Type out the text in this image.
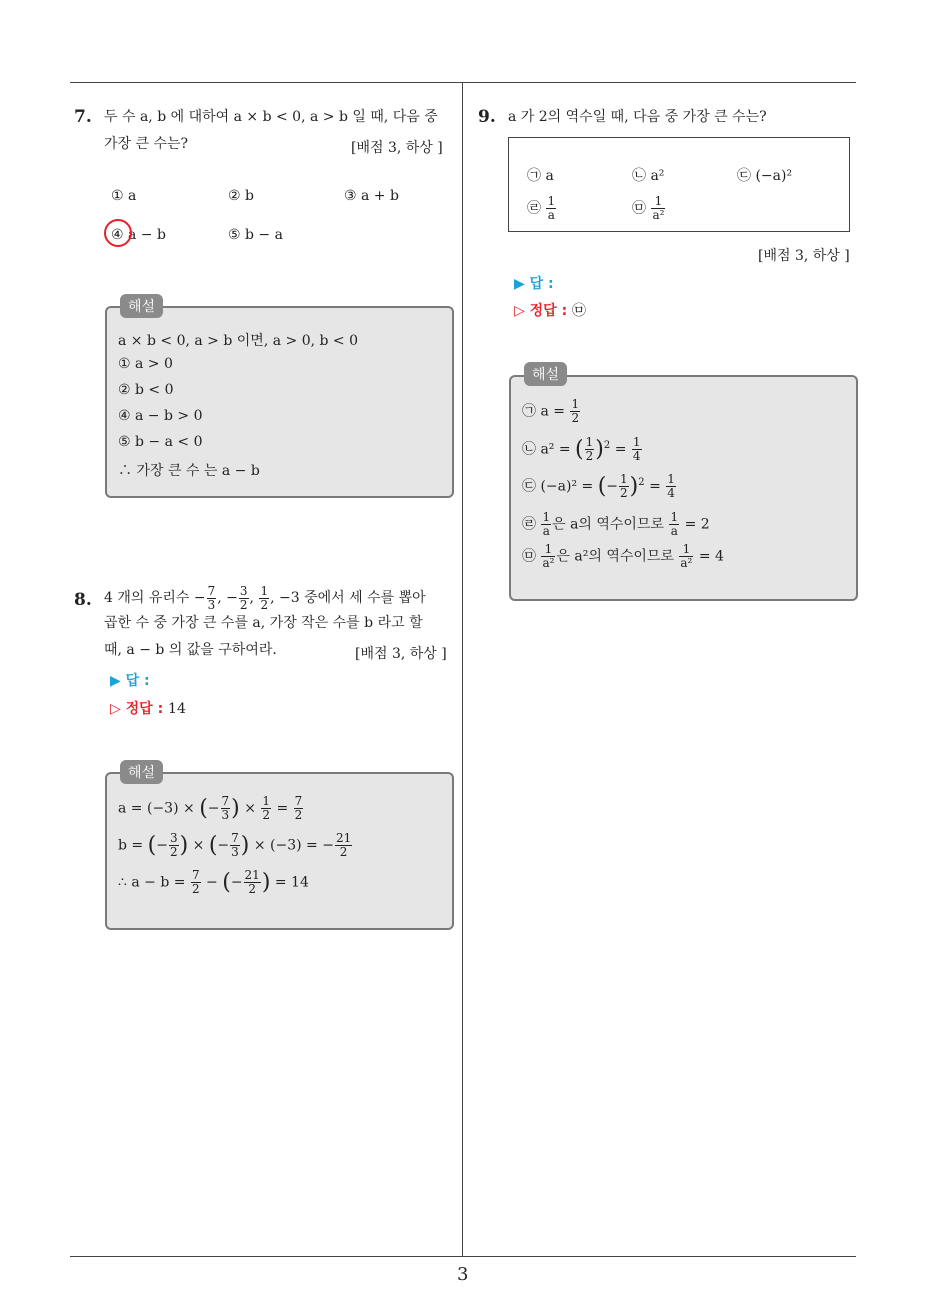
3
7. 두 수 a, b 에 대하여 a × b < 0, a > b 일 때, 다음 중
가장 큰 수는?	[배점 3, 하상 ]
① a	② b	③ a + b
④ a − b	⑤ b − a
해설
a × b < 0, a > b 이면, a > 0, b < 0
① a > 0
② b < 0
④ a − b > 0
⑤ b − a < 0
∴ 가장 큰 수 는 a − b
8. 4 개의 유리수 − $\frac{7}{3}$ , − $\frac{3}{2}$ , $\frac{1}{2}$ , −3 중에서 세 수를 뽑아
곱한 수 중 가장 큰 수를 a, 가장 작은 수를 b 라고 할
때, a − b 의 값을 구하여라.	[배점 3, 하상 ]
▶ 답 :
▷ 정답 : 14
해설
a = (−3) × (− $\frac{7}{3}$ ) × $\frac{1}{2} = \frac{7}{2}$
b = (− $\frac{3}{2}$ ) × (− $\frac{7}{3}$ ) × (−3) = − $\frac{21}{2}$
∴ $a - b = \frac{7}{2}$ − (− $\frac{21}{2}$ ) = 14
9. a 가 2의 역수일 때, 다음 중 가장 큰 수는?
㉠ a	㉡ a²	㉢ (−a)²
㉣ $\frac{1}{a}$	㉤ $\frac{1}{\text{a²}}$
[배점 3, 하상 ]
▶ 답 :
▷ 정답 : ㉤
해설
㉠ $a = \frac{1}{2}$
㉡ a² = ( $\frac{1}{2} )^2 = \frac{1}{4}$
㉢ (−a)² = (− $\frac{1}{2} )^2 = \frac{1}{4}$
㉣ $\frac{1}{a}$ 은 a의 역수이므로 $\frac{1}{a} = 2$
㉤ $\frac{1}{\text{a²}}$ 은 a²의 역수이므로 $\frac{1}{\text{a²}} = 4$
